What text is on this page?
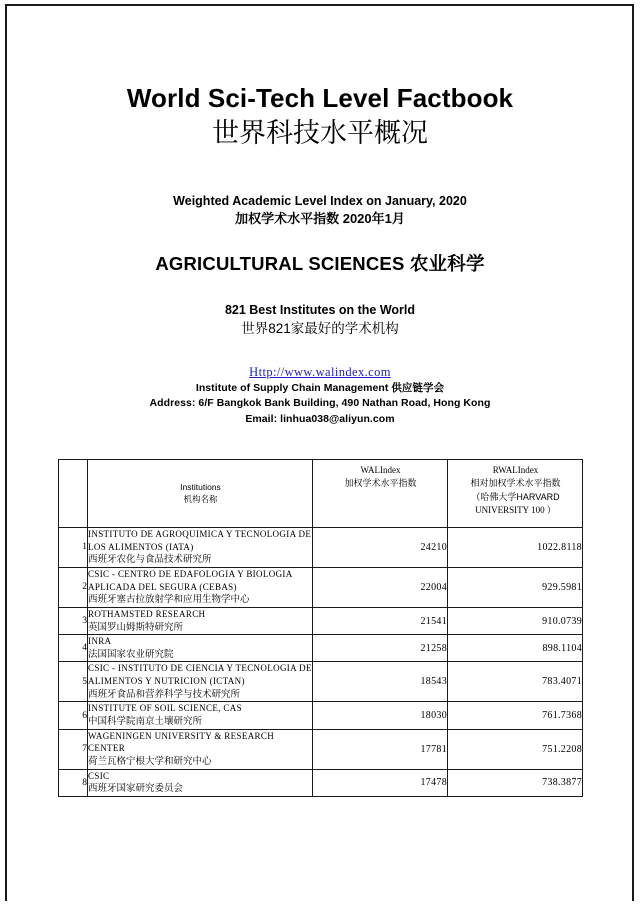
World Sci-Tech Level Factbook
世界科技水平概况
Weighted Academic Level Index on January, 2020
加权学术水平指数 2020年1月
AGRICULTURAL SCIENCES 农业科学
821 Best Institutes on the World
世界821家最好的学术机构
Http://www.walindex.com
Institute of Supply Chain Management 供应链学会
Address: 6/F Bangkok Bank Building, 490 Nathan Road, Hong Kong
Email: linhua038@aliyun.com

Institutions
机构名称

WALIndex
加权学术水平指数

RWALIndex
相对加权学术水平指数
（哈佛大学HARVARD
UNIVERSITY 100 ）

1	INSTITUTO DE AGROQUIMICA Y TECNOLOGIA DE LOS ALIMENTOS (IATA)
西班牙农化与食品技术研究所	24210	1022.8118
2	CSIC - CENTRO DE EDAFOLOGIA Y BIOLOGIA APLICADA DEL SEGURA (CEBAS)
西班牙塞古拉放射学和应用生物学中心	22004	929.5981
3	ROTHAMSTED RESEARCH
英国罗山姆斯特研究所	21541	910.0739
4	INRA
法国国家农业研究院	21258	898.1104
5	CSIC - INSTITUTO DE CIENCIA Y TECNOLOGIA DE ALIMENTOS Y NUTRICION (ICTAN)
西班牙食品和营养科学与技术研究所	18543	783.4071
6	INSTITUTE OF SOIL SCIENCE, CAS
中国科学院南京土壤研究所	18030	761.7368
7	WAGENINGEN UNIVERSITY & RESEARCH CENTER
荷兰瓦格宁根大学和研究中心	17781	751.2208
8	CSIC
西班牙国家研究委员会	17478	738.3877
